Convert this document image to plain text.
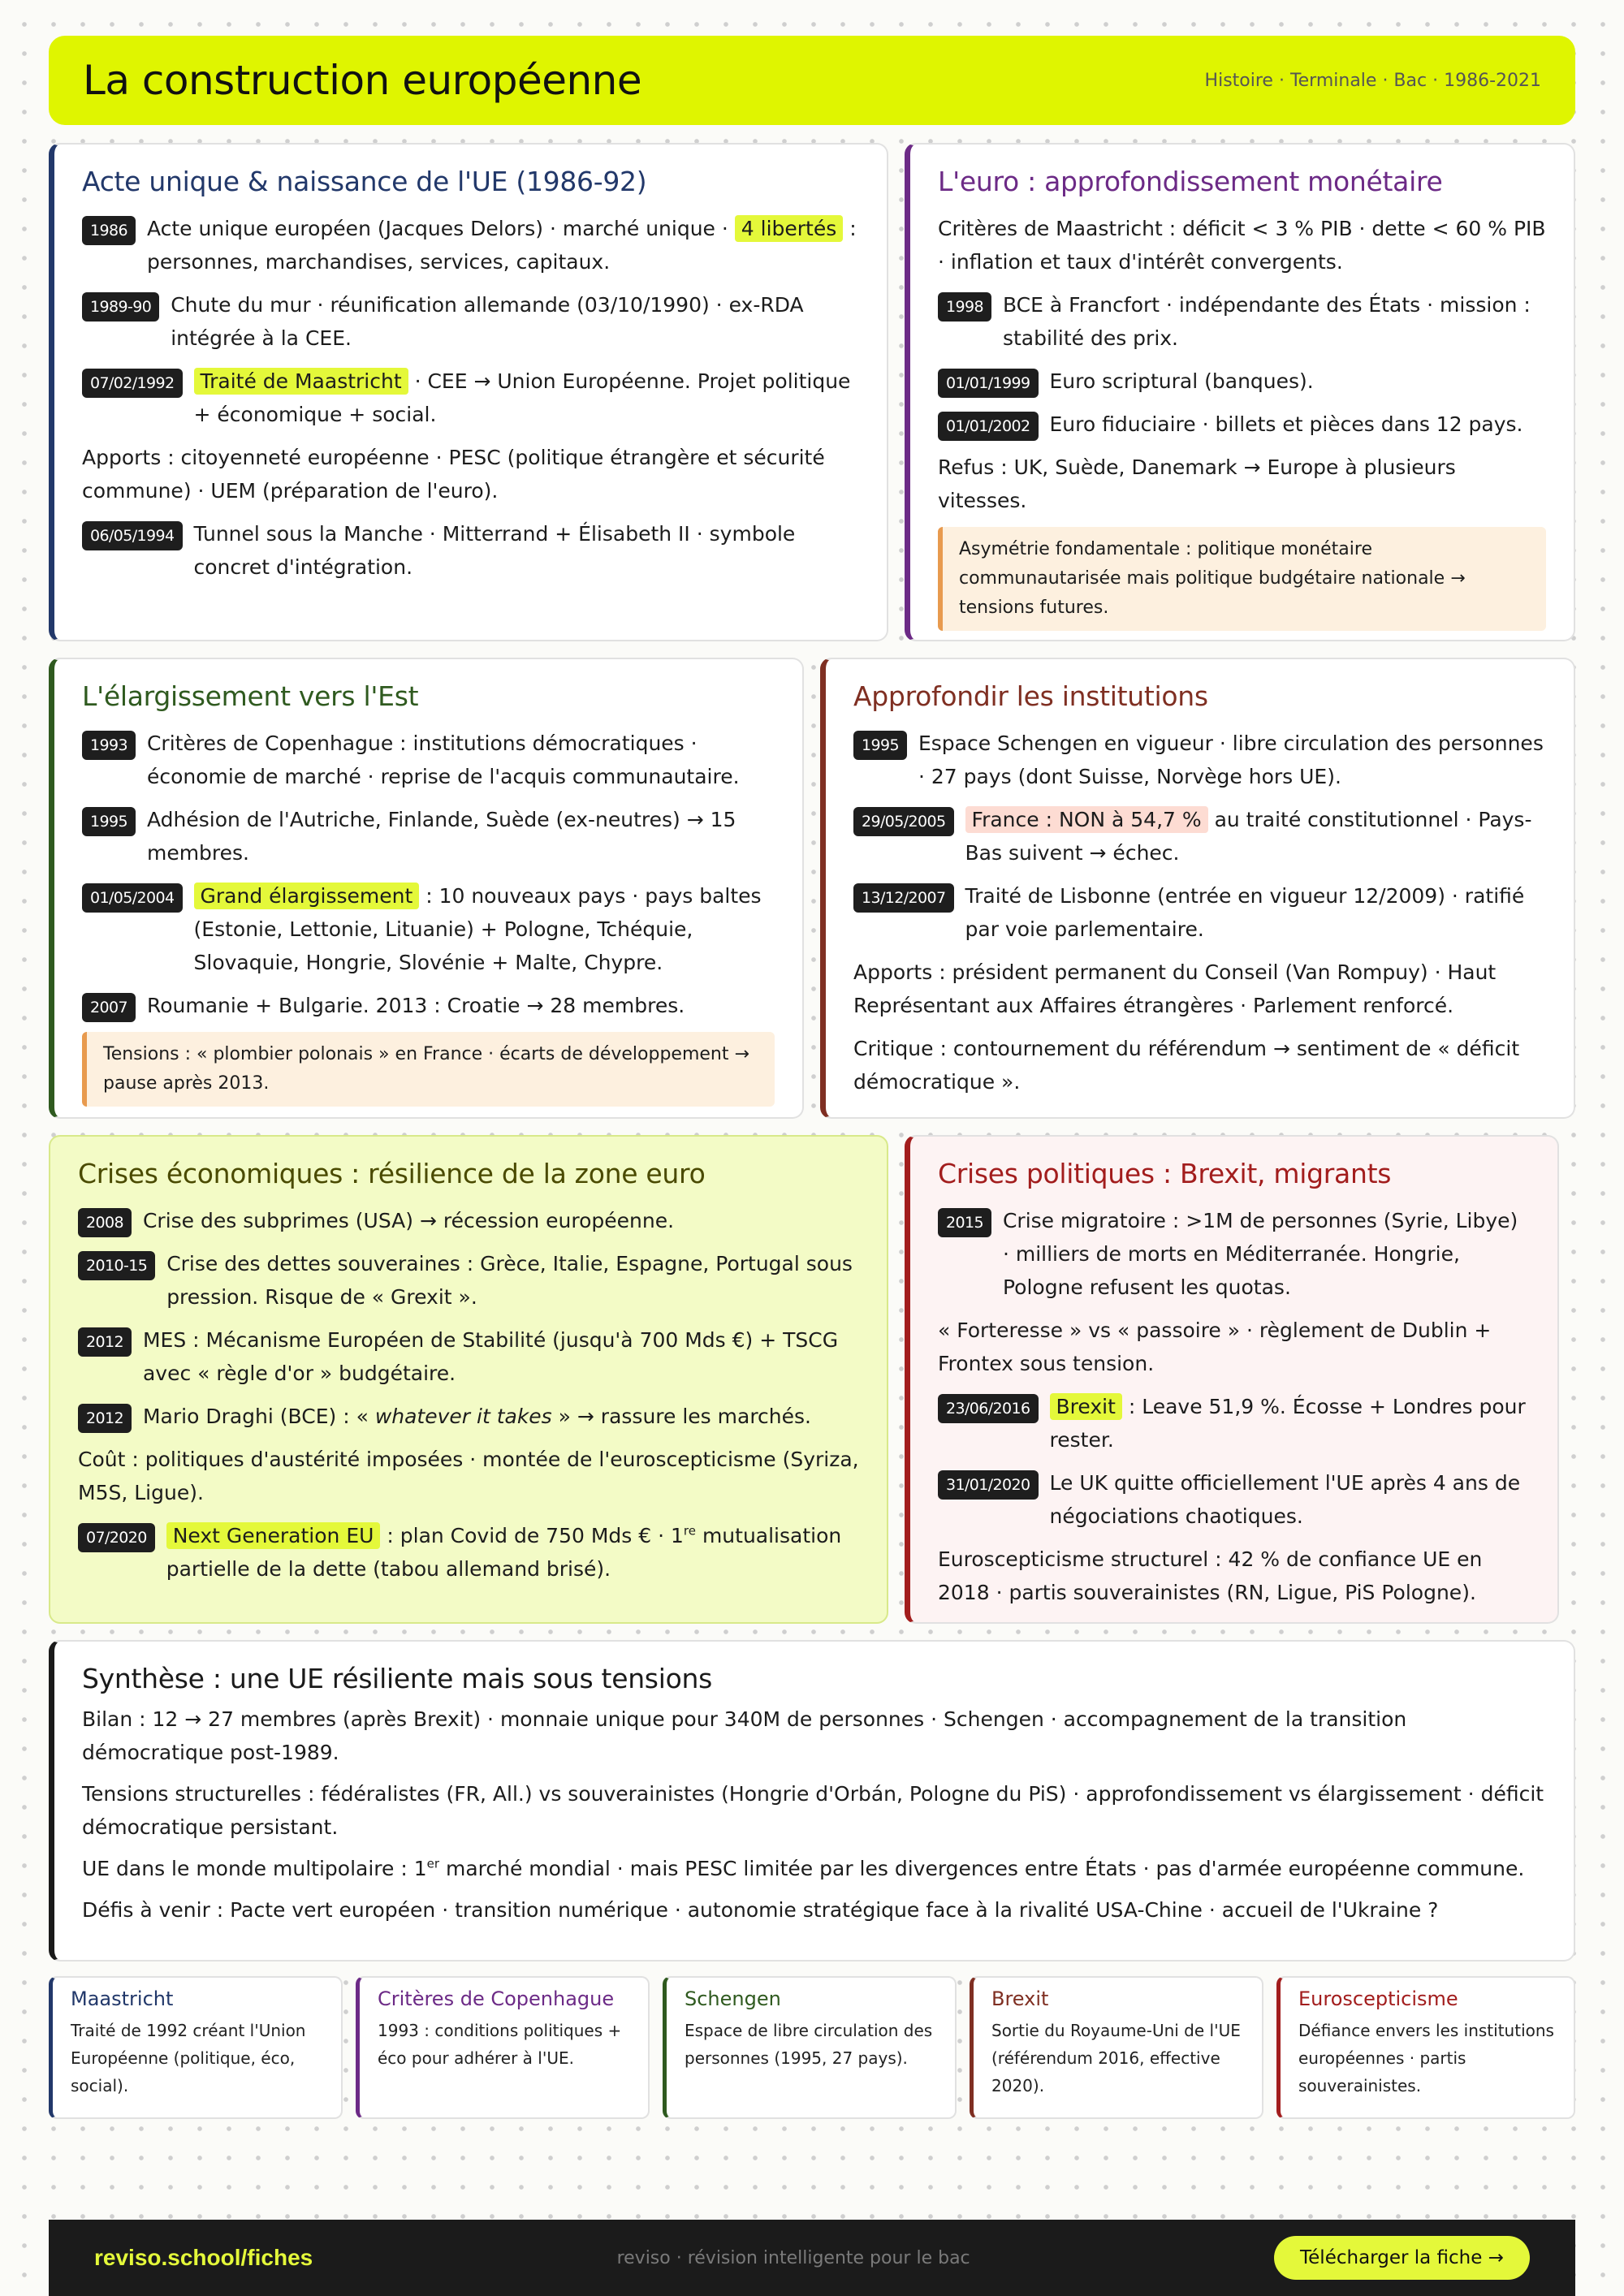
La construction européenne	Histoire · Terminale · Bac · 1986-2021
Acte unique & naissance de l'UE (1986-92)
1986 Acte unique européen (Jacques Delors) · marché unique · 4 libertés : personnes, marchandises, services, capitaux.
1989-90 Chute du mur · réunification allemande (03/10/1990) · ex-RDA intégrée à la CEE.
07/02/1992	Traité de Maastricht · CEE → Union Européenne. Projet politique + économique + social.

Apports : citoyenneté européenne · PESC (politique étrangère et sécurité commune) · UEM (préparation de l'euro).

06/05/1994 Tunnel sous la Manche · Mitterrand + Élisabeth II · symbole concret d'intégration.
L'euro : approfondissement monétaire

Critères de Maastricht : déficit < 3 % PIB · dette < 60 % PIB · inflation et taux d'intérêt convergents.

1998 BCE à Francfort · indépendante des États · mission : stabilité des prix.
01/01/1999 Euro scriptural (banques).
01/01/2002 Euro fiduciaire · billets et pièces dans 12 pays.

Refus : UK, Suède, Danemark → Europe à plusieurs vitesses.

Asymétrie fondamentale : politique monétaire communautarisée mais politique budgétaire nationale → tensions futures.
L'élargissement vers l'Est
1993 Critères de Copenhague : institutions démocratiques · économie de marché · reprise de l'acquis communautaire.
1995 Adhésion de l'Autriche, Finlande, Suède (ex-neutres) → 15 membres.
01/05/2004	Grand élargissement : 10 nouveaux pays · pays baltes (Estonie, Lettonie, Lituanie) + Pologne, Tchéquie, Slovaquie, Hongrie, Slovénie + Malte, Chypre.
2007 Roumanie + Bulgarie. 2013 : Croatie → 28 membres.
Tensions : « plombier polonais » en France · écarts de développement → pause après 2013.
Approfondir les institutions
1995 Espace Schengen en vigueur · libre circulation des personnes · 27 pays (dont Suisse, Norvège hors UE).
29/05/2005	France : NON à 54,7 % au traité constitutionnel · Pays-Bas suivent → échec.
13/12/2007 Traité de Lisbonne (entrée en vigueur 12/2009) · ratifié par voie parlementaire.

Apports : président permanent du Conseil (Van Rompuy) · Haut Représentant aux Affaires étrangères · Parlement renforcé.

Critique : contournement du référendum → sentiment de « déficit démocratique ».

Crises économiques : résilience de la zone euro
2008 Crise des subprimes (USA) → récession européenne.
2010-15 Crise des dettes souveraines : Grèce, Italie, Espagne, Portugal sous pression. Risque de « Grexit ».
2012 MES : Mécanisme Européen de Stabilité (jusqu'à 700 Mds €) + TSCG avec « règle d'or » budgétaire.
2012 Mario Draghi (BCE) : « whatever it takes » → rassure les marchés.

Coût : politiques d'austérité imposées · montée de l'euroscepticisme (Syriza, M5S, Ligue).

07/2020	Next Generation EU : plan Covid de 750 Mds € · 1re mutualisation partielle de la dette (tabou allemand brisé).
Crises politiques : Brexit, migrants
2015 Crise migratoire : >1M de personnes (Syrie, Libye) · milliers de morts en Méditerranée. Hongrie, Pologne refusent les quotas.

« Forteresse » vs « passoire » · règlement de Dublin + Frontex sous tension.

23/06/2016	Brexit : Leave 51,9 %. Écosse + Londres pour rester.
31/01/2020 Le UK quitte officiellement l'UE après 4 ans de négociations chaotiques.

Euroscepticisme structurel : 42 % de confiance UE en 2018 · partis souverainistes (RN, Ligue, PiS Pologne).

Synthèse : une UE résiliente mais sous tensions

Bilan : 12 → 27 membres (après Brexit) · monnaie unique pour 340M de personnes · Schengen · accompagnement de la transition démocratique post-1989.

Tensions structurelles : fédéralistes (FR, All.) vs souverainistes (Hongrie d'Orbán, Pologne du PiS) · approfondissement vs élargissement · déficit démocratique persistant.

UE dans le monde multipolaire : 1er marché mondial · mais PESC limitée par les divergences entre États · pas d'armée européenne commune.

Défis à venir : Pacte vert européen · transition numérique · autonomie stratégique face à la rivalité USA-Chine · accueil de l'Ukraine ?

Maastricht
Traité de 1992 créant l'Union Européenne (politique, éco, social).
Critères de Copenhague
1993 : conditions politiques + éco pour adhérer à l'UE.
Schengen
Espace de libre circulation des personnes (1995, 27 pays).
Brexit
Sortie du Royaume-Uni de l'UE (référendum 2016, effective 2020).
Euroscepticisme
Défiance envers les institutions européennes · partis souverainistes.
reviso.school/fiches	reviso · révision intelligente pour le bac	Télécharger la fiche →
